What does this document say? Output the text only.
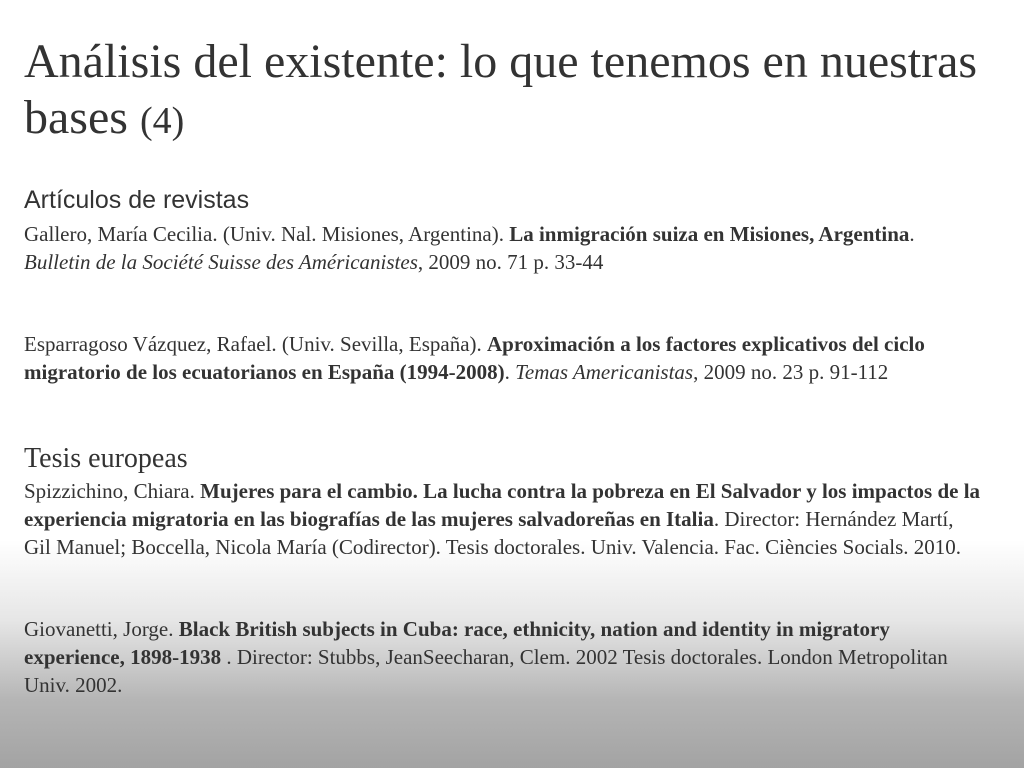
Análisis del existente: lo que tenemos en nuestras bases (4)
Artículos de revistas
Gallero, María Cecilia. (Univ. Nal. Misiones, Argentina). La inmigración suiza en Misiones, Argentina. Bulletin de la Société Suisse des Américanistes, 2009 no. 71 p. 33-44
Esparragoso Vázquez, Rafael. (Univ. Sevilla, España). Aproximación a los factores explicativos del ciclo migratorio de los ecuatorianos en España (1994-2008). Temas Americanistas, 2009 no. 23 p. 91-112
Tesis europeas
Spizzichino, Chiara. Mujeres para el cambio. La lucha contra la pobreza en El Salvador y los impactos de la experiencia migratoria en las biografías de las mujeres salvadoreñas en Italia. Director: Hernández Martí, Gil Manuel; Boccella, Nicola María (Codirector). Tesis doctorales. Univ. Valencia. Fac. Ciències Socials. 2010.
Giovanetti, Jorge. Black British subjects in Cuba: race, ethnicity, nation and identity in migratory experience, 1898-1938 . Director: Stubbs, JeanSeecharan, Clem. 2002 Tesis doctorales. London Metropolitan Univ. 2002.
